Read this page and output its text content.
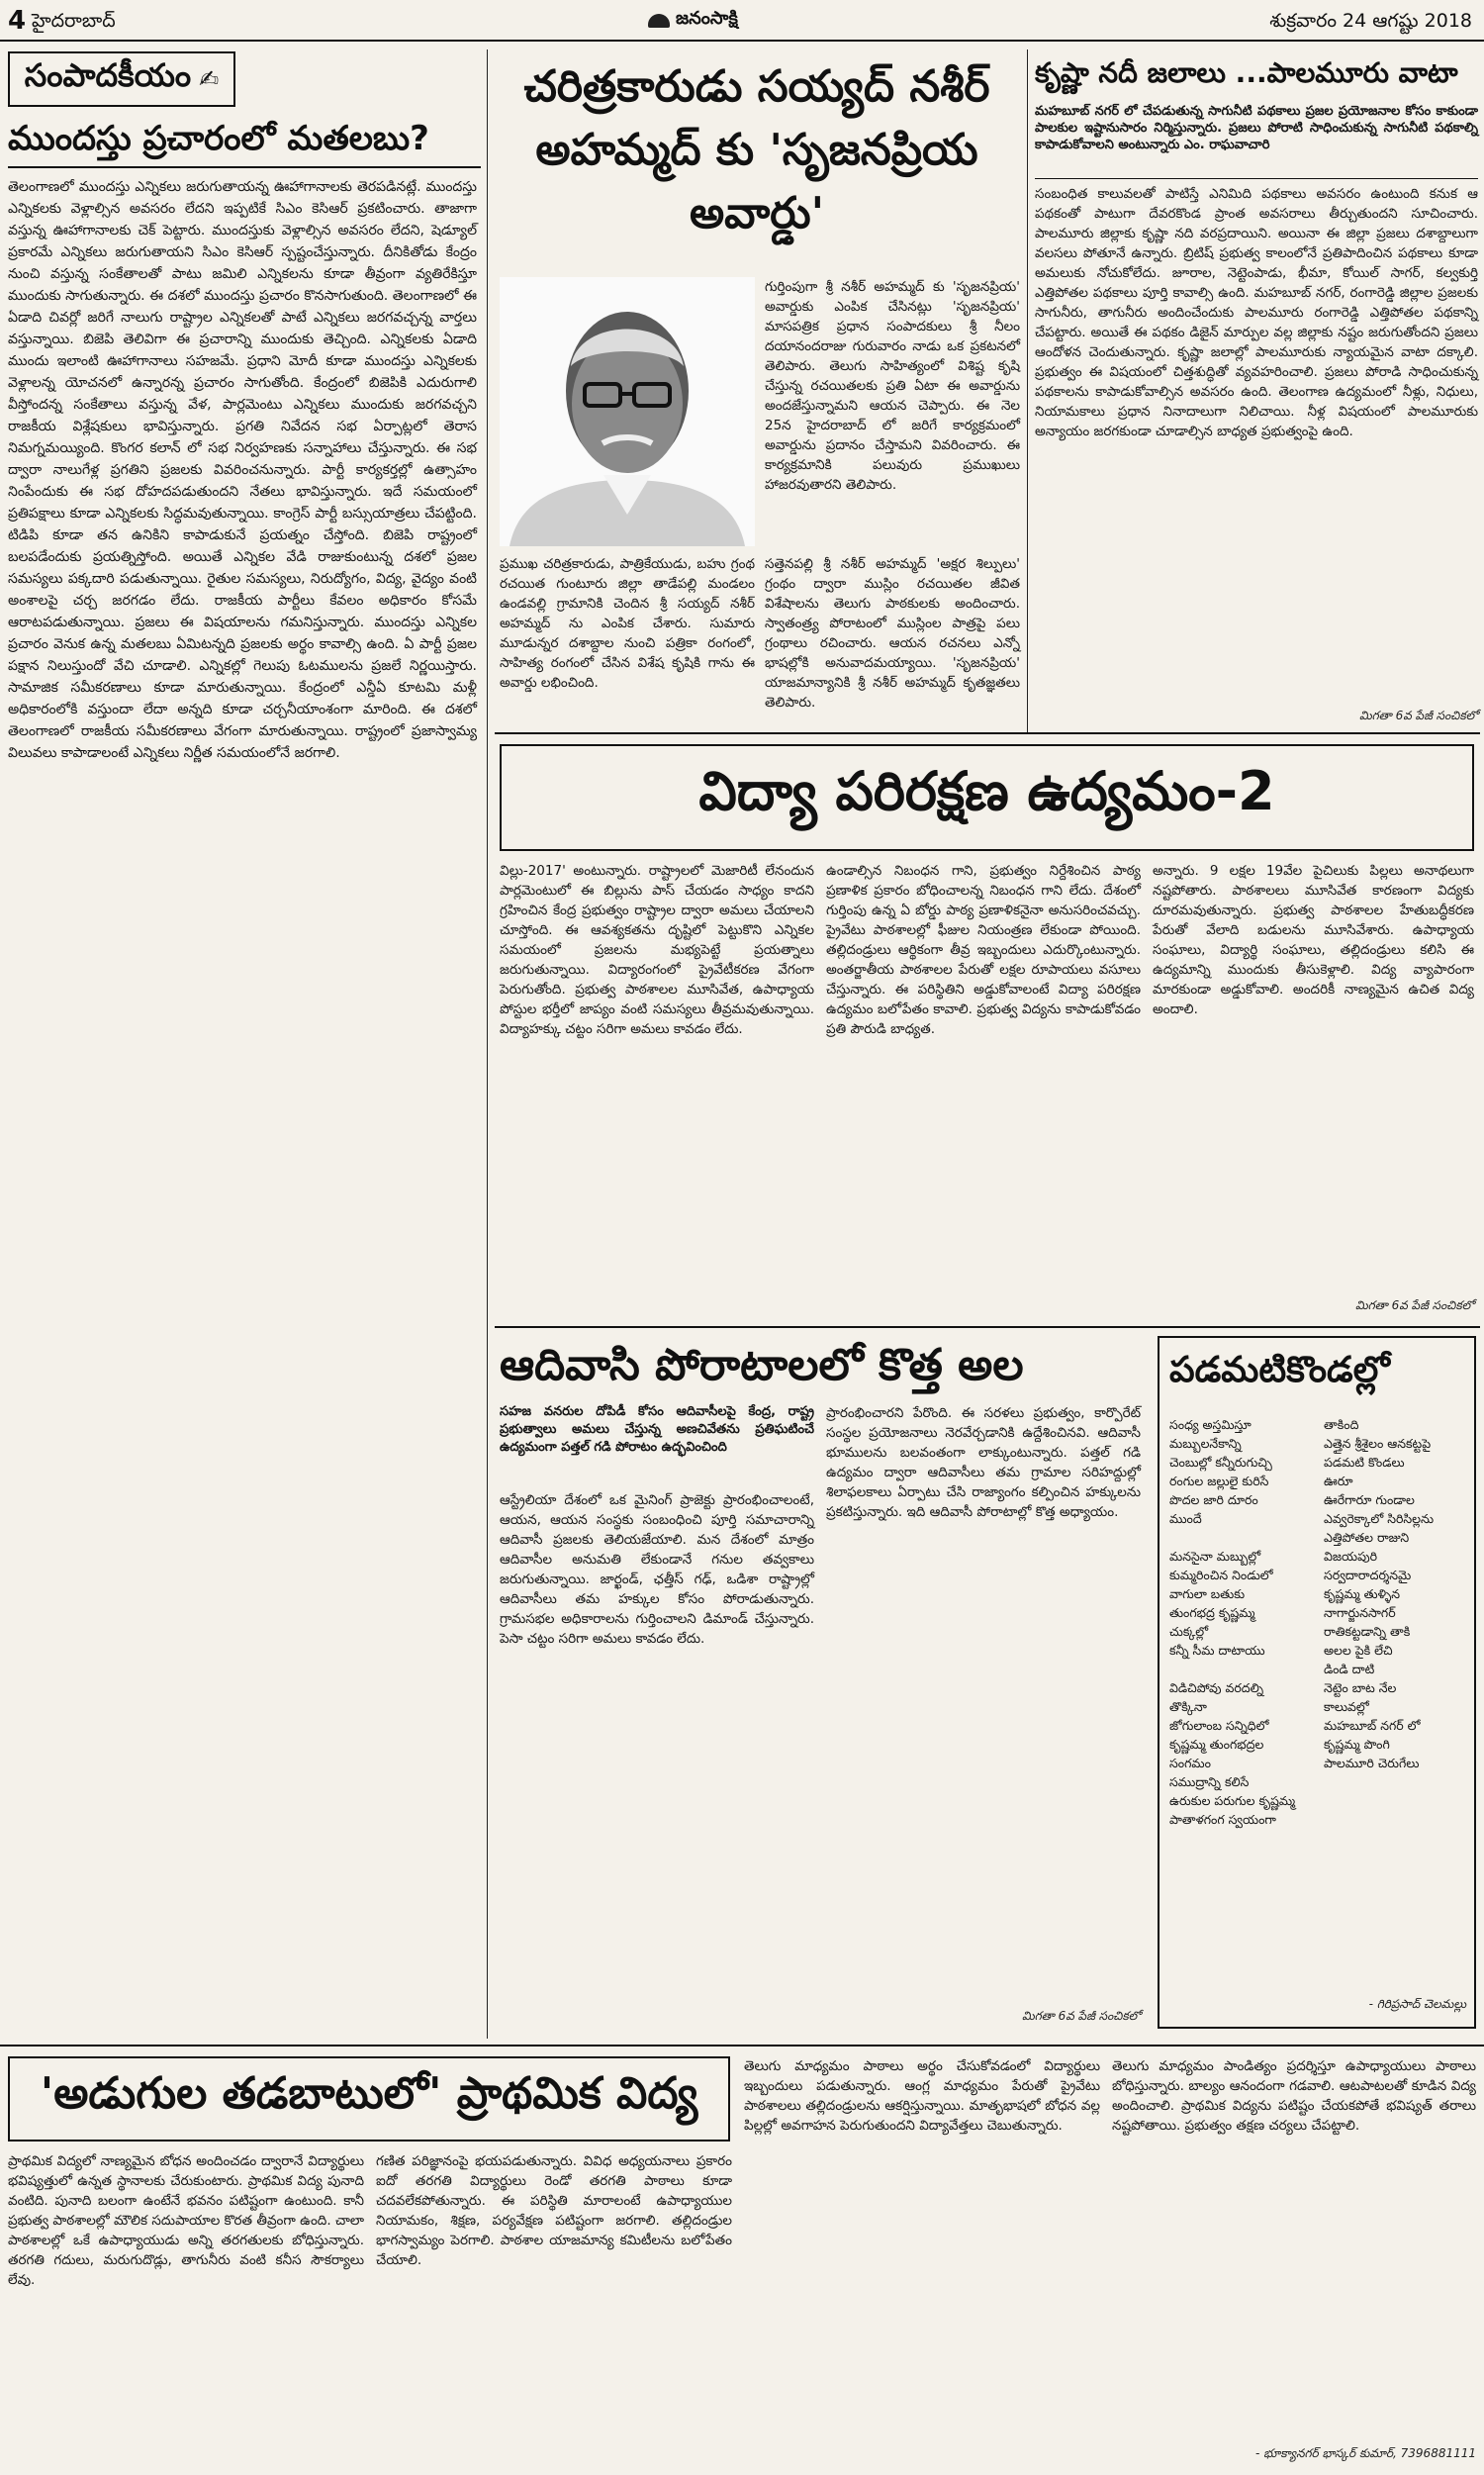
4 హైదరాబాద్	జనంసాక్షి	శుక్రవారం 24 ఆగష్టు 2018
సంపాదకీయం ✍
ముందస్తు ప్రచారంలో మతలబు?
తెలంగాణలో ముందస్తు ఎన్నికలు జరుగుతాయన్న ఊహాగానాలకు తెరపడినట్లే. ముందస్తు ఎన్నికలకు వెళ్లాల్సిన అవసరం లేదని ఇప్పటికే సిఎం కెసిఆర్ ప్రకటించారు. తాజాగా వస్తున్న ఊహాగానాలకు చెక్ పెట్టారు. ముందస్తుకు వెళ్లాల్సిన అవసరం లేదని, షెడ్యూల్ ప్రకారమే ఎన్నికలు జరుగుతాయని సిఎం కెసిఆర్ స్పష్టంచేస్తున్నారు. దీనికితోడు కేంద్రం నుంచి వస్తున్న సంకేతాలతో పాటు జమిలి ఎన్నికలను కూడా తీవ్రంగా వ్యతిరేకిస్తూ ముందుకు సాగుతున్నారు. ఈ దశలో ముందస్తు ప్రచారం కొనసాగుతుంది. తెలంగాణలో ఈ ఏడాది చివర్లో జరిగే నాలుగు రాష్ట్రాల ఎన్నికలతో పాటే ఎన్నికలు జరగవచ్చన్న వార్తలు వస్తున్నాయి. బిజెపి తెలివిగా ఈ ప్రచారాన్ని ముందుకు తెచ్చింది. ఎన్నికలకు ఏడాది ముందు ఇలాంటి ఊహాగానాలు సహజమే. ప్రధాని మోదీ కూడా ముందస్తు ఎన్నికలకు వెళ్లాలన్న యోచనలో ఉన్నారన్న ప్రచారం సాగుతోంది. కేంద్రంలో బిజెపికి ఎదురుగాలి వీస్తోందన్న సంకేతాలు వస్తున్న వేళ, పార్లమెంటు ఎన్నికలు ముందుకు జరగవచ్చని రాజకీయ విశ్లేషకులు భావిస్తున్నారు. ప్రగతి నివేదన సభ ఏర్పాట్లలో తెరాస నిమగ్నమయ్యింది. కొంగర కలాన్ లో సభ నిర్వహణకు సన్నాహాలు చేస్తున్నారు. ఈ సభ ద్వారా నాలుగేళ్ల ప్రగతిని ప్రజలకు వివరించనున్నారు. పార్టీ కార్యకర్తల్లో ఉత్సాహం నింపేందుకు ఈ సభ దోహదపడుతుందని నేతలు భావిస్తున్నారు. ఇదే సమయంలో ప్రతిపక్షాలు కూడా ఎన్నికలకు సిద్ధమవుతున్నాయి. కాంగ్రెస్ పార్టీ బస్సుయాత్రలు చేపట్టింది. టిడిపి కూడా తన ఉనికిని కాపాడుకునే ప్రయత్నం చేస్తోంది. బిజెపి రాష్ట్రంలో బలపడేందుకు ప్రయత్నిస్తోంది. అయితే ఎన్నికల వేడి రాజుకుంటున్న దశలో ప్రజల సమస్యలు పక్కదారి పడుతున్నాయి. రైతుల సమస్యలు, నిరుద్యోగం, విద్య, వైద్యం వంటి అంశాలపై చర్చ జరగడం లేదు. రాజకీయ పార్టీలు కేవలం అధికారం కోసమే ఆరాటపడుతున్నాయి. ప్రజలు ఈ విషయాలను గమనిస్తున్నారు. ముందస్తు ఎన్నికల ప్రచారం వెనుక ఉన్న మతలబు ఏమిటన్నది ప్రజలకు అర్థం కావాల్సి ఉంది. ఏ పార్టీ ప్రజల పక్షాన నిలుస్తుందో వేచి చూడాలి. ఎన్నికల్లో గెలుపు ఓటములను ప్రజలే నిర్ణయిస్తారు. సామాజిక సమీకరణాలు కూడా మారుతున్నాయి. కేంద్రంలో ఎన్డీఏ కూటమి మళ్లీ అధికారంలోకి వస్తుందా లేదా అన్నది కూడా చర్చనీయాంశంగా మారింది. ఈ దశలో తెలంగాణలో రాజకీయ సమీకరణాలు వేగంగా మారుతున్నాయి. రాష్ట్రంలో ప్రజాస్వామ్య విలువలు కాపాడాలంటే ఎన్నికలు నిర్ణీత సమయంలోనే జరగాలి.
చరిత్రకారుడు సయ్యద్ నశీర్ అహమ్మద్ కు 'సృజనప్రియ అవార్డు'
గుర్తింపుగా శ్రీ నశీర్ అహమ్మద్ కు 'సృజనప్రియ' అవార్డుకు ఎంపిక చేసినట్లు 'సృజనప్రియ' మాసపత్రిక ప్రధాన సంపాదకులు శ్రీ నీలం దయానందరాజు గురువారం నాడు ఒక ప్రకటనలో తెలిపారు. తెలుగు సాహిత్యంలో విశిష్ట కృషి చేస్తున్న రచయితలకు ప్రతి ఏటా ఈ అవార్డును అందజేస్తున్నామని ఆయన చెప్పారు. ఈ నెల 25న హైదరాబాద్ లో జరిగే కార్యక్రమంలో అవార్డును ప్రదానం చేస్తామని వివరించారు. ఈ కార్యక్రమానికి పలువురు ప్రముఖులు హాజరవుతారని తెలిపారు.
ప్రముఖ చరిత్రకారుడు, పాత్రికేయుడు, బహు గ్రంథ రచయిత గుంటూరు జిల్లా తాడేపల్లి మండలం ఉండవల్లి గ్రామానికి చెందిన శ్రీ సయ్యద్ నశీర్ అహమ్మద్ ను ఎంపిక చేశారు. సుమారు మూడున్నర దశాబ్దాల నుంచి పత్రికా రంగంలో, సాహిత్య రంగంలో చేసిన విశేష కృషికి గాను ఈ అవార్డు లభించింది.
సత్తెనపల్లి శ్రీ నశీర్ అహమ్మద్ 'అక్షర శిల్పులు' గ్రంథం ద్వారా ముస్లిం రచయితల జీవిత విశేషాలను తెలుగు పాఠకులకు అందించారు. స్వాతంత్ర్య పోరాటంలో ముస్లింల పాత్రపై పలు గ్రంథాలు రచించారు. ఆయన రచనలు ఎన్నో భాషల్లోకి అనువాదమయ్యాయి. 'సృజనప్రియ' యాజమాన్యానికి శ్రీ నశీర్ అహమ్మద్ కృతజ్ఞతలు తెలిపారు.
కృష్ణా నదీ జలాలు ...పాలమూరు వాటా
మహబూబ్ నగర్ లో చేపడుతున్న సాగునీటి పథకాలు ప్రజల ప్రయోజనాల కోసం కాకుండా పాలకుల ఇష్టానుసారం నిర్మిస్తున్నారు. ప్రజలు పోరాటి సాధించుకున్న సాగునీటి పథకాల్ని కాపాడుకోవాలని అంటున్నారు ఎం. రాఘవాచారి
సంబంధిత కాలువలతో పాటిస్తే ఎనిమిది పథకాలు అవసరం ఉంటుంది కనుక ఆ పథకంతో పాటుగా దేవరకొండ ప్రాంత అవసరాలు తీర్చుతుందని సూచించారు. పాలమూరు జిల్లాకు కృష్ణా నది వరప్రదాయిని. అయినా ఈ జిల్లా ప్రజలు దశాబ్దాలుగా వలసలు పోతూనే ఉన్నారు. బ్రిటిష్ ప్రభుత్వ కాలంలోనే ప్రతిపాదించిన పథకాలు కూడా అమలుకు నోచుకోలేదు. జూరాల, నెట్టెంపాడు, భీమా, కోయిల్ సాగర్, కల్వకుర్తి ఎత్తిపోతల పథకాలు పూర్తి కావాల్సి ఉంది. మహబూబ్ నగర్, రంగారెడ్డి జిల్లాల ప్రజలకు సాగునీరు, తాగునీరు అందించేందుకు పాలమూరు రంగారెడ్డి ఎత్తిపోతల పథకాన్ని చేపట్టారు. అయితే ఈ పథకం డిజైన్ మార్పుల వల్ల జిల్లాకు నష్టం జరుగుతోందని ప్రజలు ఆందోళన చెందుతున్నారు. కృష్ణా జలాల్లో పాలమూరుకు న్యాయమైన వాటా దక్కాలి. ప్రభుత్వం ఈ విషయంలో చిత్తశుద్ధితో వ్యవహరించాలి. ప్రజలు పోరాడి సాధించుకున్న పథకాలను కాపాడుకోవాల్సిన అవసరం ఉంది. తెలంగాణ ఉద్యమంలో నీళ్లు, నిధులు, నియామకాలు ప్రధాన నినాదాలుగా నిలిచాయి. నీళ్ల విషయంలో పాలమూరుకు అన్యాయం జరగకుండా చూడాల్సిన బాధ్యత ప్రభుత్వంపై ఉంది.
మిగతా 6వ పేజీ సంచికలో
విద్యా పరిరక్షణ ఉద్యమం-2
విల్లు-2017' అంటున్నారు. రాష్ట్రాలలో మెజారిటీ లేనందున పార్లమెంటులో ఈ బిల్లును పాస్ చేయడం సాధ్యం కాదని గ్రహించిన కేంద్ర ప్రభుత్వం రాష్ట్రాల ద్వారా అమలు చేయాలని చూస్తోంది. ఈ ఆవశ్యకతను దృష్టిలో పెట్టుకొని ఎన్నికల సమయంలో ప్రజలను మభ్యపెట్టే ప్రయత్నాలు జరుగుతున్నాయి. విద్యారంగంలో ప్రైవేటీకరణ వేగంగా పెరుగుతోంది. ప్రభుత్వ పాఠశాలల మూసివేత, ఉపాధ్యాయ పోస్టుల భర్తీలో జాప్యం వంటి సమస్యలు తీవ్రమవుతున్నాయి. విద్యాహక్కు చట్టం సరిగా అమలు కావడం లేదు.
ఉండాల్సిన నిబంధన గాని, ప్రభుత్వం నిర్దేశించిన పాఠ్య ప్రణాళిక ప్రకారం బోధించాలన్న నిబంధన గాని లేదు. దేశంలో గుర్తింపు ఉన్న ఏ బోర్డు పాఠ్య ప్రణాళికనైనా అనుసరించవచ్చు. ప్రైవేటు పాఠశాలల్లో ఫీజుల నియంత్రణ లేకుండా పోయింది. తల్లిదండ్రులు ఆర్థికంగా తీవ్ర ఇబ్బందులు ఎదుర్కొంటున్నారు. అంతర్జాతీయ పాఠశాలల పేరుతో లక్షల రూపాయలు వసూలు చేస్తున్నారు. ఈ పరిస్థితిని అడ్డుకోవాలంటే విద్యా పరిరక్షణ ఉద్యమం బలోపేతం కావాలి. ప్రభుత్వ విద్యను కాపాడుకోవడం ప్రతి పౌరుడి బాధ్యత.
అన్నారు. 9 లక్షల 19వేల పైచిలుకు పిల్లలు అనాథలుగా నష్టపోతారు. పాఠశాలలు మూసివేత కారణంగా విద్యకు దూరమవుతున్నారు. ప్రభుత్వ పాఠశాలల హేతుబద్ధీకరణ పేరుతో వేలాది బడులను మూసివేశారు. ఉపాధ్యాయ సంఘాలు, విద్యార్థి సంఘాలు, తల్లిదండ్రులు కలిసి ఈ ఉద్యమాన్ని ముందుకు తీసుకెళ్లాలి. విద్య వ్యాపారంగా మారకుండా అడ్డుకోవాలి. అందరికీ నాణ్యమైన ఉచిత విద్య అందాలి.
మిగతా 6వ పేజీ సంచికలో
ఆదివాసి పోరాటాలలో కొత్త అల
సహజ వనరుల దోపిడీ కోసం ఆదివాసీలపై కేంద్ర, రాష్ట్ర ప్రభుత్వాలు అమలు చేస్తున్న అణచివేతను ప్రతిఘటించే ఉద్యమంగా పత్తల్ గడి పోరాటం ఉద్భవించింది
ఆస్ట్రేలియా దేశంలో ఒక మైనింగ్ ప్రాజెక్టు ప్రారంభించాలంటే, ఆయన, ఆయన సంస్థకు సంబంధించి పూర్తి సమాచారాన్ని ఆదివాసీ ప్రజలకు తెలియజేయాలి. మన దేశంలో మాత్రం ఆదివాసీల అనుమతి లేకుండానే గనుల తవ్వకాలు జరుగుతున్నాయి. జార్ఖండ్, ఛత్తీస్ గఢ్, ఒడిశా రాష్ట్రాల్లో ఆదివాసీలు తమ హక్కుల కోసం పోరాడుతున్నారు. గ్రామసభల అధికారాలను గుర్తించాలని డిమాండ్ చేస్తున్నారు. పెసా చట్టం సరిగా అమలు కావడం లేదు.
ప్రారంభించారని పేరొంది. ఈ సరళలు ప్రభుత్వం, కార్పొరేట్ సంస్థల ప్రయోజనాలు నెరవేర్చడానికి ఉద్దేశించినవి. ఆదివాసీ భూములను బలవంతంగా లాక్కుంటున్నారు. పత్తల్ గడి ఉద్యమం ద్వారా ఆదివాసీలు తమ గ్రామాల సరిహద్దుల్లో శిలాఫలకాలు ఏర్పాటు చేసి రాజ్యాంగం కల్పించిన హక్కులను ప్రకటిస్తున్నారు. ఇది ఆదివాసీ పోరాటాల్లో కొత్త అధ్యాయం.
మిగతా 6వ పేజీ సంచికలో
పడమటికొండల్లో
సంధ్య అస్తమిస్తూ
మబ్బులనేకాన్ని
చెంబుల్లో కన్నీరుగుచ్చి
రంగుల జల్లులై కురిసే
పొదల జారి దూరం
ముందే

మనసైనా మబ్బుల్లో
కుమ్మరించిన నిండులో
వాగులా బతుకు
తుంగభద్ర కృష్ణమ్మ
చుక్కల్లో
కన్నీ సీమ దాటాయు

విడిచిపోవు వరదల్ని
తొక్కినా
జోగులాంబ సన్నిధిలో
కృష్ణమ్మ తుంగభద్రల
సంగమం
సముద్రాన్ని కలిసే
ఉరుకుల పరుగుల కృష్ణమ్మ
పాతాళగంగ స్వయంగా
తాకింది
ఎత్తైన శ్రీశైలం ఆనకట్టపై
పడమటి కొండలు
ఊరూ
ఊరేగారూ గుండాల
ఎవ్వరెక్కాలో సిరిసిల్లను
ఎత్తిపోతల రాజుని
విజయపురి
సర్వదారాదర్శనమై
కృష్ణమ్మ తుళ్ళిన
నాగార్జునసాగర్
రాతికట్టడాన్ని తాకి
అలల పైకి లేచి
డిండి దాటి
నెట్టెం బాట నేల
కాలువల్లో
మహబూబ్ నగర్ లో
కృష్ణమ్మ పొంగి
పాలమూరి చెరుగేలు
- గిరిప్రసాద్ చెలమల్లు
'అడుగుల తడబాటులో' ప్రాథమిక విద్య
ప్రాథమిక విద్యలో నాణ్యమైన బోధన అందించడం ద్వారానే విద్యార్థులు భవిష్యత్తులో ఉన్నత స్థానాలకు చేరుకుంటారు. ప్రాథమిక విద్య పునాది వంటిది. పునాది బలంగా ఉంటేనే భవనం పటిష్టంగా ఉంటుంది. కానీ ప్రభుత్వ పాఠశాలల్లో మౌలిక సదుపాయాల కొరత తీవ్రంగా ఉంది. చాలా పాఠశాలల్లో ఒకే ఉపాధ్యాయుడు అన్ని తరగతులకు బోధిస్తున్నారు. తరగతి గదులు, మరుగుదొడ్లు, తాగునీరు వంటి కనీస సౌకర్యాలు లేవు.
గణిత పరిజ్ఞానంపై భయపడుతున్నారు. వివిధ అధ్యయనాలు ప్రకారం ఐదో తరగతి విద్యార్థులు రెండో తరగతి పాఠాలు కూడా చదవలేకపోతున్నారు. ఈ పరిస్థితి మారాలంటే ఉపాధ్యాయుల నియామకం, శిక్షణ, పర్యవేక్షణ పటిష్టంగా జరగాలి. తల్లిదండ్రుల భాగస్వామ్యం పెరగాలి. పాఠశాల యాజమాన్య కమిటీలను బలోపేతం చేయాలి.
తెలుగు మాధ్యమం పాఠాలు అర్థం చేసుకోవడంలో విద్యార్థులు ఇబ్బందులు పడుతున్నారు. ఆంగ్ల మాధ్యమం పేరుతో ప్రైవేటు పాఠశాలలు తల్లిదండ్రులను ఆకర్షిస్తున్నాయి. మాతృభాషలో బోధన వల్ల పిల్లల్లో అవగాహన పెరుగుతుందని విద్యావేత్తలు చెబుతున్నారు.
తెలుగు మాధ్యమం పాండిత్యం ప్రదర్శిస్తూ ఉపాధ్యాయులు పాఠాలు బోధిస్తున్నారు. బాల్యం ఆనందంగా గడవాలి. ఆటపాటలతో కూడిన విద్య అందించాలి. ప్రాథమిక విద్యను పటిష్టం చేయకపోతే భవిష్యత్ తరాలు నష్టపోతాయి. ప్రభుత్వం తక్షణ చర్యలు చేపట్టాలి.
- భూక్యానగర్ భాస్కర్ కుమార్, 7396881111
